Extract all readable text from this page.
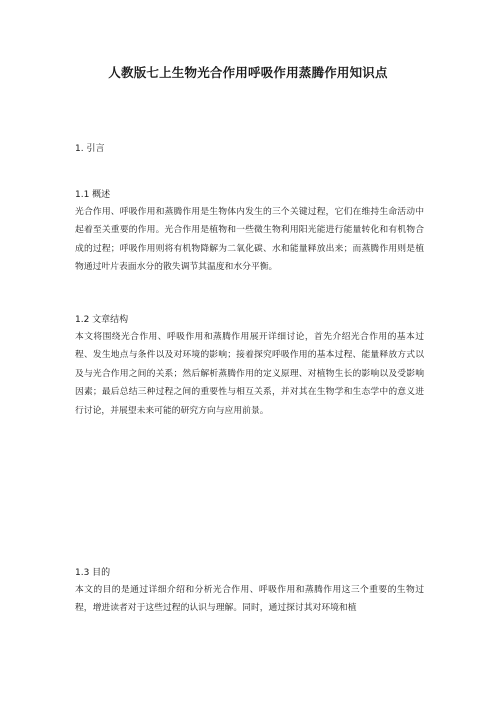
人教版七上生物光合作用呼吸作用蒸腾作用知识点
1. 引言
1.1 概述
光合作用、呼吸作用和蒸腾作用是生物体内发生的三个关键过程，它们在维持生命活动中起着至关重要的作用。光合作用是植物和一些微生物利用阳光能进行能量转化和有机物合成的过程；呼吸作用则将有机物降解为二氧化碳、水和能量释放出来；而蒸腾作用则是植物通过叶片表面水分的散失调节其温度和水分平衡。
1.2 文章结构
本文将围绕光合作用、呼吸作用和蒸腾作用展开详细讨论，首先介绍光合作用的基本过程、发生地点与条件以及对环境的影响；接着探究呼吸作用的基本过程、能量释放方式以及与光合作用之间的关系；然后解析蒸腾作用的定义原理、对植物生长的影响以及受影响因素；最后总结三种过程之间的重要性与相互关系，并对其在生物学和生态学中的意义进行讨论，并展望未来可能的研究方向与应用前景。
1.3 目的
本文的目的是通过详细介绍和分析光合作用、呼吸作用和蒸腾作用这三个重要的生物过程，增进读者对于这些过程的认识与理解。同时，通过探讨其对环境和植
